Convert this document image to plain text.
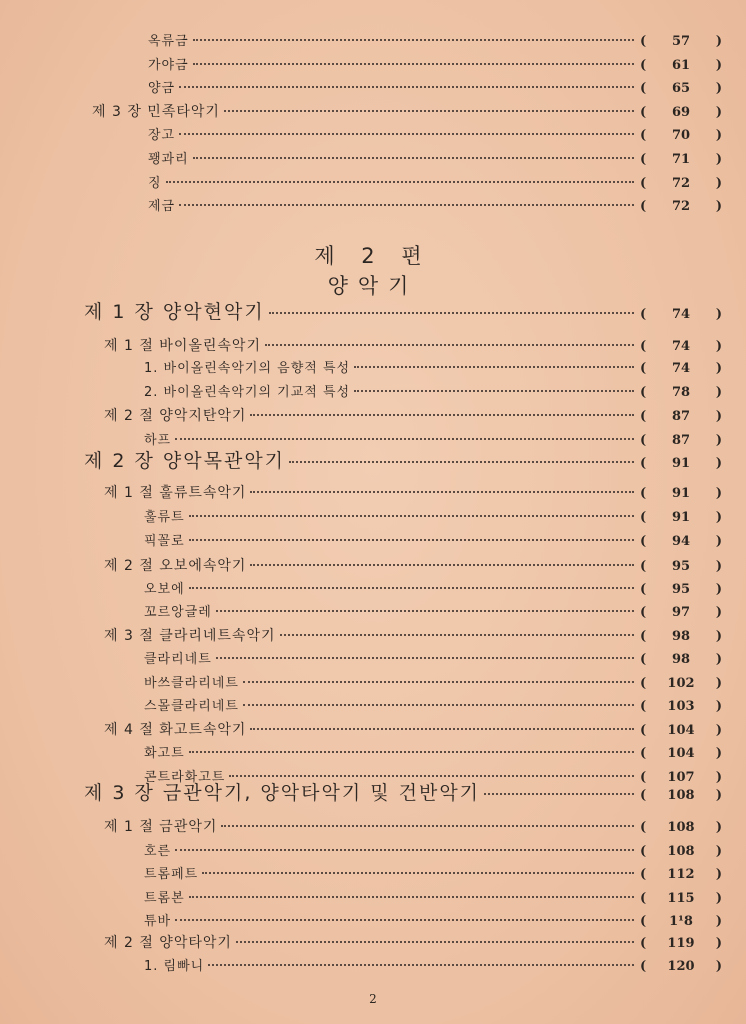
제 2 편
양악기
옥류금	(	57	)
가야금	(	61	)
양금	(	65	)
제 3 장 민족타악기	(	69	)
장고	(	70	)
꽹과리	(	71	)
징	(	72	)
제금	(	72	)
제 1 장 양악현악기	(	74	)
제 1 절 바이올린속악기	(	74	)
1. 바이올린속악기의 음향적 특성	(	74	)
2. 바이올린속악기의 기교적 특성	(	78	)
제 2 절 양악지탄악기	(	87	)
하프	(	87	)
제 2 장 양악목관악기	(	91	)
제 1 절 훌류트속악기	(	91	)
훌류트	(	91	)
픽꼴로	(	94	)
제 2 절 오보에속악기	(	95	)
오보에	(	95	)
꼬르앙글레	(	97	)
제 3 절 클라리네트속악기	(	98	)
클라리네트	(	98	)
바쓰클라리네트	(	102	)
스몰클라리네트	(	103	)
제 4 절 화고트속악기	(	104	)
화고트	(	104	)
콘트라화고트	(	107	)
제 3 장 금관악기, 양악타악기 및 건반악기	(	108	)
제 1 절 금관악기	(	108	)
호른	(	108	)
트롬페트	(	112	)
트롬본	(	115	)
튜바	(	1¹8	)
제 2 절 양악타악기	(	119	)
1. 림빠니	(	120	)
2
